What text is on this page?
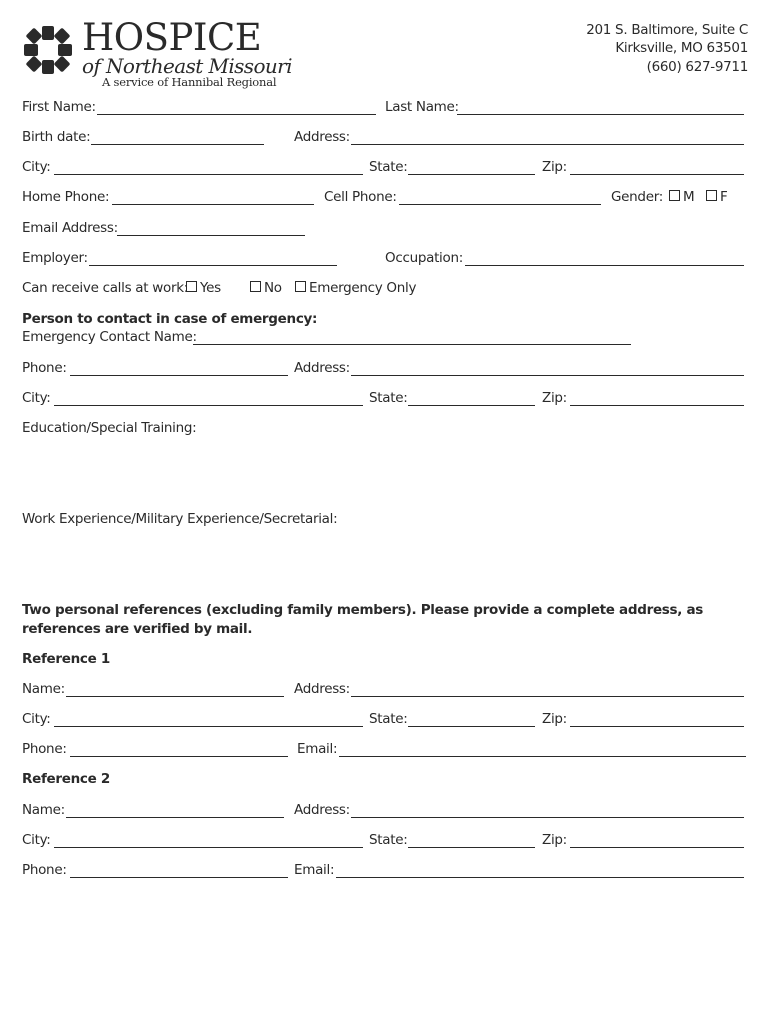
HOSPICE
of Northeast Missouri
A service of Hannibal Regional
201 S. Baltimore, Suite C
Kirksville, MO 63501
(660) 627-9711
First Name:	Last Name:
Birth date:	Address:
City:	State:	Zip:
Home Phone:	Cell Phone:	Gender:	M	F
Email Address:
Employer:	Occupation:
Can receive calls at work: Yes	No	Emergency Only
Person to contact in case of emergency:
Emergency Contact Name:
Phone:	Address:
City:	State:	Zip:
Education/Special Training:
Work Experience/Military Experience/Secretarial:
Two personal references (excluding family members). Please provide a complete address, as references are verified by mail.
Reference 1
Name:	Address:
City:	State:	Zip:
Phone:	Email:
Reference 2
Name:	Address:
City:	State:	Zip:
Phone:	Email:
